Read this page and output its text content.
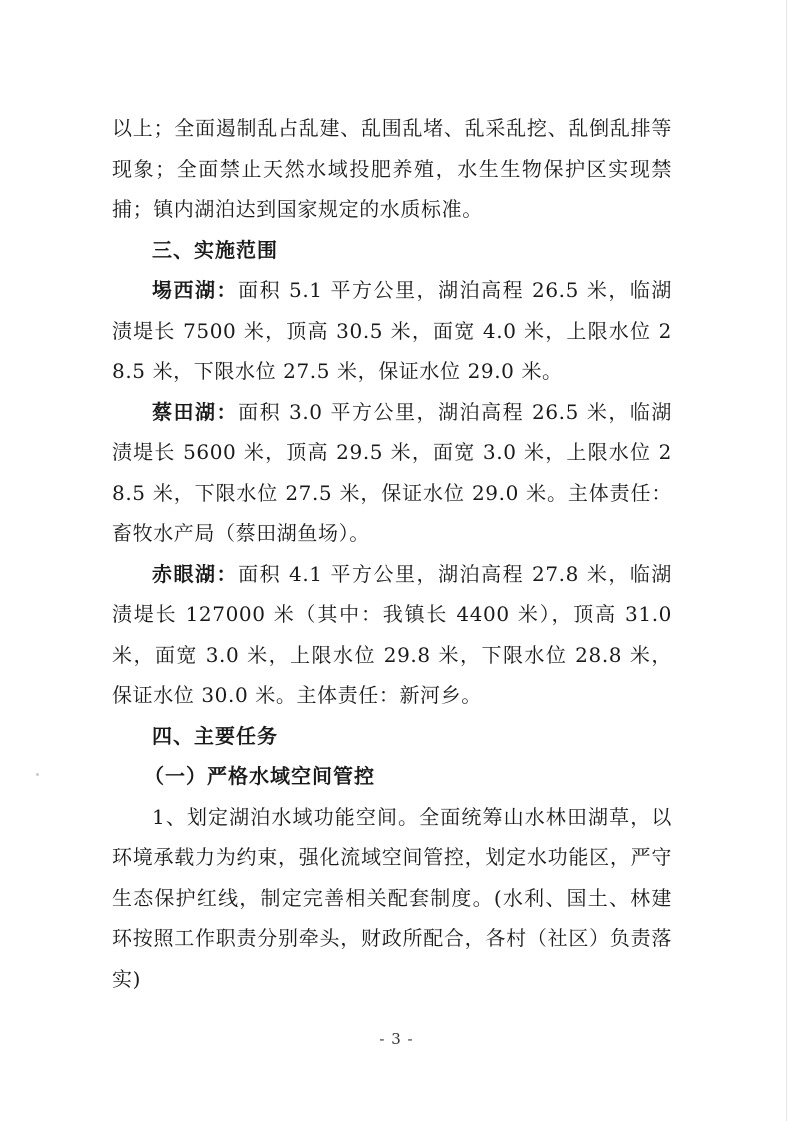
以上；全面遏制乱占乱建、乱围乱堵、乱采乱挖、乱倒乱排等现象；全面禁止天然水域投肥养殖，水生生物保护区实现禁捕；镇内湖泊达到国家规定的水质标准。

三、实施范围

埸西湖：面积 5.1 平方公里，湖泊高程 26.5 米，临湖渍堤长 7500 米，顶高 30.5 米，面宽 4.0 米，上限水位 28.5 米，下限水位 27.5 米，保证水位 29.0 米。

蔡田湖：面积 3.0 平方公里，湖泊高程 26.5 米，临湖渍堤长 5600 米，顶高 29.5 米，面宽 3.0 米，上限水位 28.5 米，下限水位 27.5 米，保证水位 29.0 米。主体责任：畜牧水产局（蔡田湖鱼场）。

赤眼湖：面积 4.1 平方公里，湖泊高程 27.8 米，临湖渍堤长 127000 米（其中：我镇长 4400 米），顶高 31.0 米，面宽 3.0 米，上限水位 29.8 米，下限水位 28.8 米，保证水位 30.0 米。主体责任：新河乡。

四、主要任务

（一）严格水域空间管控

1、划定湖泊水域功能空间。全面统筹山水林田湖草，以环境承载力为约束，强化流域空间管控，划定水功能区，严守生态保护红线，制定完善相关配套制度。(水利、国土、林建环按照工作职责分别牵头，财政所配合，各村（社区）负责落实)

- 3 -
